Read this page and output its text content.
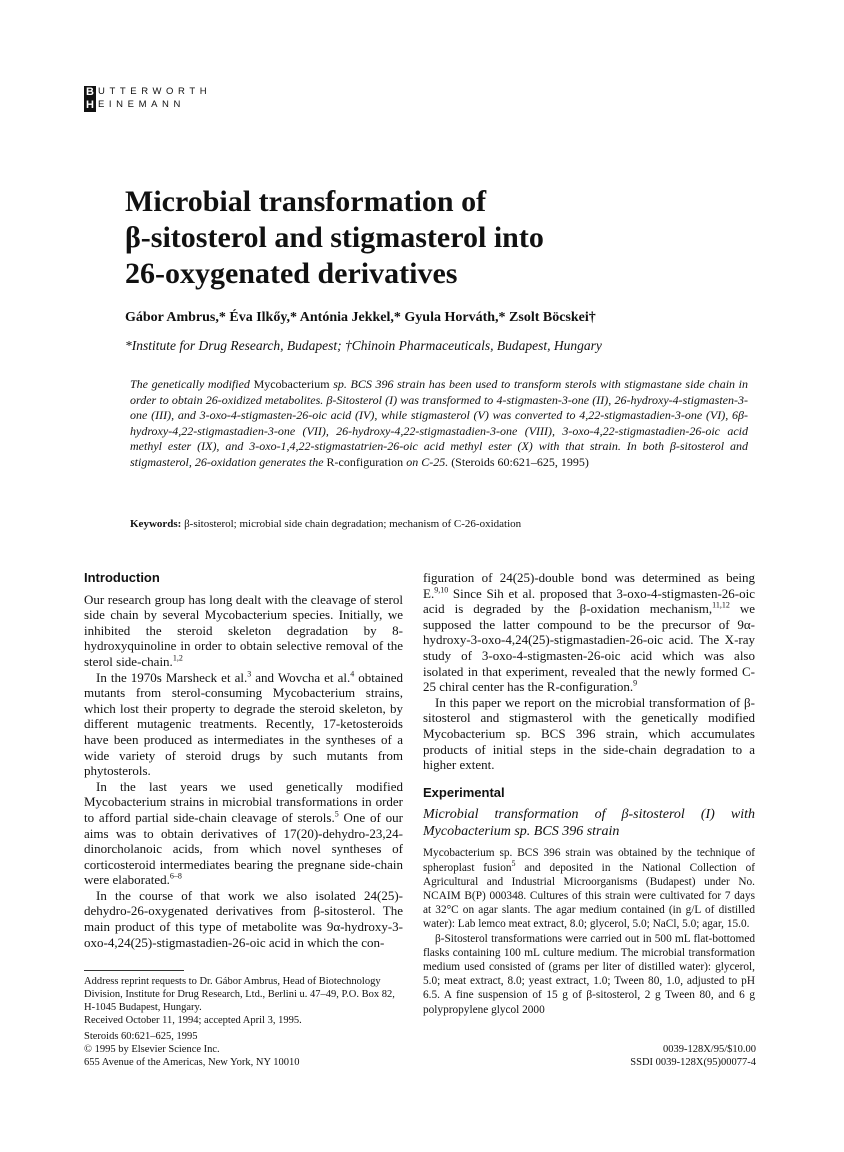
B
H
UTTERWORTH
EINEMANN
Microbial transformation of
β-sitosterol and stigmasterol into
26-oxygenated derivatives
Gábor Ambrus,* Éva Ilkőy,* Antónia Jekkel,* Gyula Horváth,* Zsolt Böcskei†
*Institute for Drug Research, Budapest; †Chinoin Pharmaceuticals, Budapest, Hungary
The genetically modified Mycobacterium sp. BCS 396 strain has been used to transform sterols with stigmastane side chain in order to obtain 26-oxidized metabolites. β-Sitosterol (I) was transformed to 4-stigmasten-3-one (II), 26-hydroxy-4-stigmasten-3-one (III), and 3-oxo-4-stigmasten-26-oic acid (IV), while stigmasterol (V) was converted to 4,22-stigmastadien-3-one (VI), 6β-hydroxy-4,22-stigmastadien-3-one (VII), 26-hydroxy-4,22-stigmastadien-3-one (VIII), 3-oxo-4,22-stigmastadien-26-oic acid methyl ester (IX), and 3-oxo-1,4,22-stigmastatrien-26-oic acid methyl ester (X) with that strain. In both β-sitosterol and stigmasterol, 26-oxidation generates the R-configuration on C-25. (Steroids 60:621–625, 1995)
Keywords: β-sitosterol; microbial side chain degradation; mechanism of C-26-oxidation
Introduction

Our research group has long dealt with the cleavage of sterol side chain by several Mycobacterium species. Initially, we inhibited the steroid skeleton degradation by 8-hydroxyquinoline in order to obtain selective removal of the sterol side-chain.$^{1,2}$

In the 1970s Marsheck et al.$^3$ and Wovcha et al.$^4$ obtained mutants from sterol-consuming Mycobacterium strains, which lost their property to degrade the steroid skeleton, by different mutagenic treatments. Recently, 17-ketosteroids have been produced as intermediates in the syntheses of a wide variety of steroid drugs by such mutants from phytosterols.

In the last years we used genetically modified Mycobacterium strains in microbial transformations in order to afford partial side-chain cleavage of sterols.$^5$ One of our aims was to obtain derivatives of 17(20)-dehydro-23,24-dinorcholanoic acids, from which novel syntheses of corticosteroid intermediates bearing the pregnane side-chain were elaborated.$^{6-8}$

In the course of that work we also isolated 24(25)-dehydro-26-oxygenated derivatives from β-sitosterol. The main product of this type of metabolite was 9α-hydroxy-3-oxo-4,24(25)-stigmastadien-26-oic acid in which the con-

figuration of 24(25)-double bond was determined as being E.$^{9,10}$ Since Sih et al. proposed that 3-oxo-4-stigmasten-26-oic acid is degraded by the β-oxidation mechanism,$^{11,12}$ we supposed the latter compound to be the precursor of 9α-hydroxy-3-oxo-4,24(25)-stigmastadien-26-oic acid. The X-ray study of 3-oxo-4-stigmasten-26-oic acid which was also isolated in that experiment, revealed that the newly formed C-25 chiral center has the R-configuration.$^9$

In this paper we report on the microbial transformation of β-sitosterol and stigmasterol with the genetically modified Mycobacterium sp. BCS 396 strain, which accumulates products of initial steps in the side-chain degradation to a higher extent.

Experimental
Microbial transformation of β-sitosterol (I) with Mycobacterium sp. BCS 396 strain

Mycobacterium sp. BCS 396 strain was obtained by the technique of spheroplast fusion$^5$ and deposited in the National Collection of Agricultural and Industrial Microorganisms (Budapest) under No. NCAIM B(P) 000348. Cultures of this strain were cultivated for 7 days at 32°C on agar slants. The agar medium contained (in g/L of distilled water): Lab lemco meat extract, 8.0; glycerol, 5.0; NaCl, 5.0; agar, 15.0.

β-Sitosterol transformations were carried out in 500 mL flat-bottomed flasks containing 100 mL culture medium. The microbial transformation medium used consisted of (grams per liter of distilled water): glycerol, 5.0; meat extract, 8.0; yeast extract, 1.0; Tween 80, 1.0, adjusted to pH 6.5. A fine suspension of 15 g of β-sitosterol, 2 g Tween 80, and 6 g polypropylene glycol 2000

Address reprint requests to Dr. Gábor Ambrus, Head of Biotechnology Division, Institute for Drug Research, Ltd., Berlini u. 47–49, P.O. Box 82, H-1045 Budapest, Hungary.
Received October 11, 1994; accepted April 3, 1995.
Steroids 60:621–625, 1995
© 1995 by Elsevier Science Inc.
655 Avenue of the Americas, New York, NY 10010
0039-128X/95/$10.00
SSDI 0039-128X(95)00077-4
